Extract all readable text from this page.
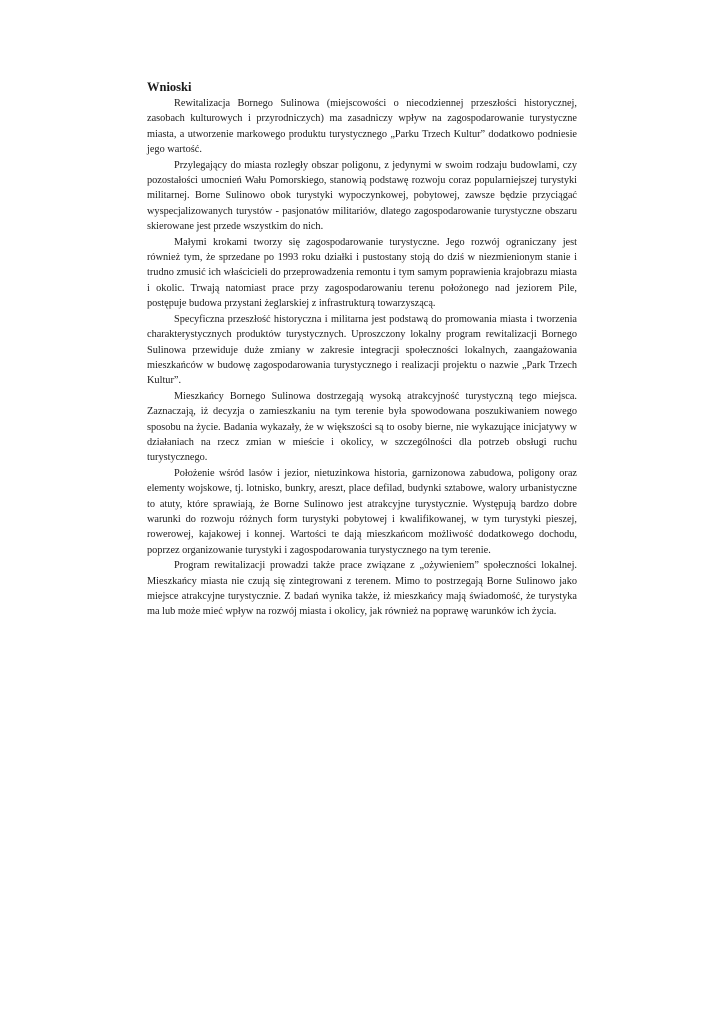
Wnioski

Rewitalizacja Bornego Sulinowa (miejscowości o niecodziennej przeszłości historycznej, zasobach kulturowych i przyrodniczych) ma zasadniczy wpływ na zagospodarowanie turystyczne miasta, a utworzenie markowego produktu turystycznego „Parku Trzech Kultur” dodatkowo podniesie jego wartość.

Przylegający do miasta rozległy obszar poligonu, z jedynymi w swoim rodzaju budowlami, czy pozostałości umocnień Wału Pomorskiego, stanowią podstawę rozwoju coraz popularniejszej turystyki militarnej. Borne Sulinowo obok turystyki wypoczynkowej, pobytowej, zawsze będzie przyciągać wyspecjalizowanych turystów - pasjonatów militariów, dlatego zagospodarowanie turystyczne obszaru skierowane jest przede wszystkim do nich.

Małymi krokami tworzy się zagospodarowanie turystyczne. Jego rozwój ograniczany jest również tym, że sprzedane po 1993 roku działki i pustostany stoją do dziś w niezmienionym stanie i trudno zmusić ich właścicieli do przeprowadzenia remontu i tym samym poprawienia krajobrazu miasta i okolic. Trwają natomiast prace przy zagospodarowaniu terenu położonego nad jeziorem Pile, postępuje budowa przystani żeglarskiej z infrastrukturą towarzyszącą.

Specyficzna przeszłość historyczna i militarna jest podstawą do promowania miasta i tworzenia charakterystycznych produktów turystycznych. Uproszczony lokalny program rewitalizacji Bornego Sulinowa przewiduje duże zmiany w zakresie integracji społeczności lokalnych, zaangażowania mieszkańców w budowę zagospodarowania turystycznego i realizacji projektu o nazwie „Park Trzech Kultur”.

Mieszkańcy Bornego Sulinowa dostrzegają wysoką atrakcyjność turystyczną tego miejsca. Zaznaczają, iż decyzja o zamieszkaniu na tym terenie była spowodowana poszukiwaniem nowego sposobu na życie. Badania wykazały, że w większości są to osoby bierne, nie wykazujące inicjatywy w działaniach na rzecz zmian w mieście i okolicy, w szczególności dla potrzeb obsługi ruchu turystycznego.

Położenie wśród lasów i jezior, nietuzinkowa historia, garnizonowa zabudowa, poligony oraz elementy wojskowe, tj. lotnisko, bunkry, areszt, place defilad, budynki sztabowe, walory urbanistyczne to atuty, które sprawiają, że Borne Sulinowo jest atrakcyjne turystycznie. Występują bardzo dobre warunki do rozwoju różnych form turystyki pobytowej i kwalifikowanej, w tym turystyki pieszej, rowerowej, kajakowej i konnej. Wartości te dają mieszkańcom możliwość dodatkowego dochodu, poprzez organizowanie turystyki i zagospodarowania turystycznego na tym terenie.

Program rewitalizacji prowadzi także prace związane z „ożywieniem” społeczności lokalnej. Mieszkańcy miasta nie czują się zintegrowani z terenem. Mimo to postrzegają Borne Sulinowo jako miejsce atrakcyjne turystycznie. Z badań wynika także, iż mieszkańcy mają świadomość, że turystyka ma lub może mieć wpływ na rozwój miasta i okolicy, jak również na poprawę warunków ich życia.
